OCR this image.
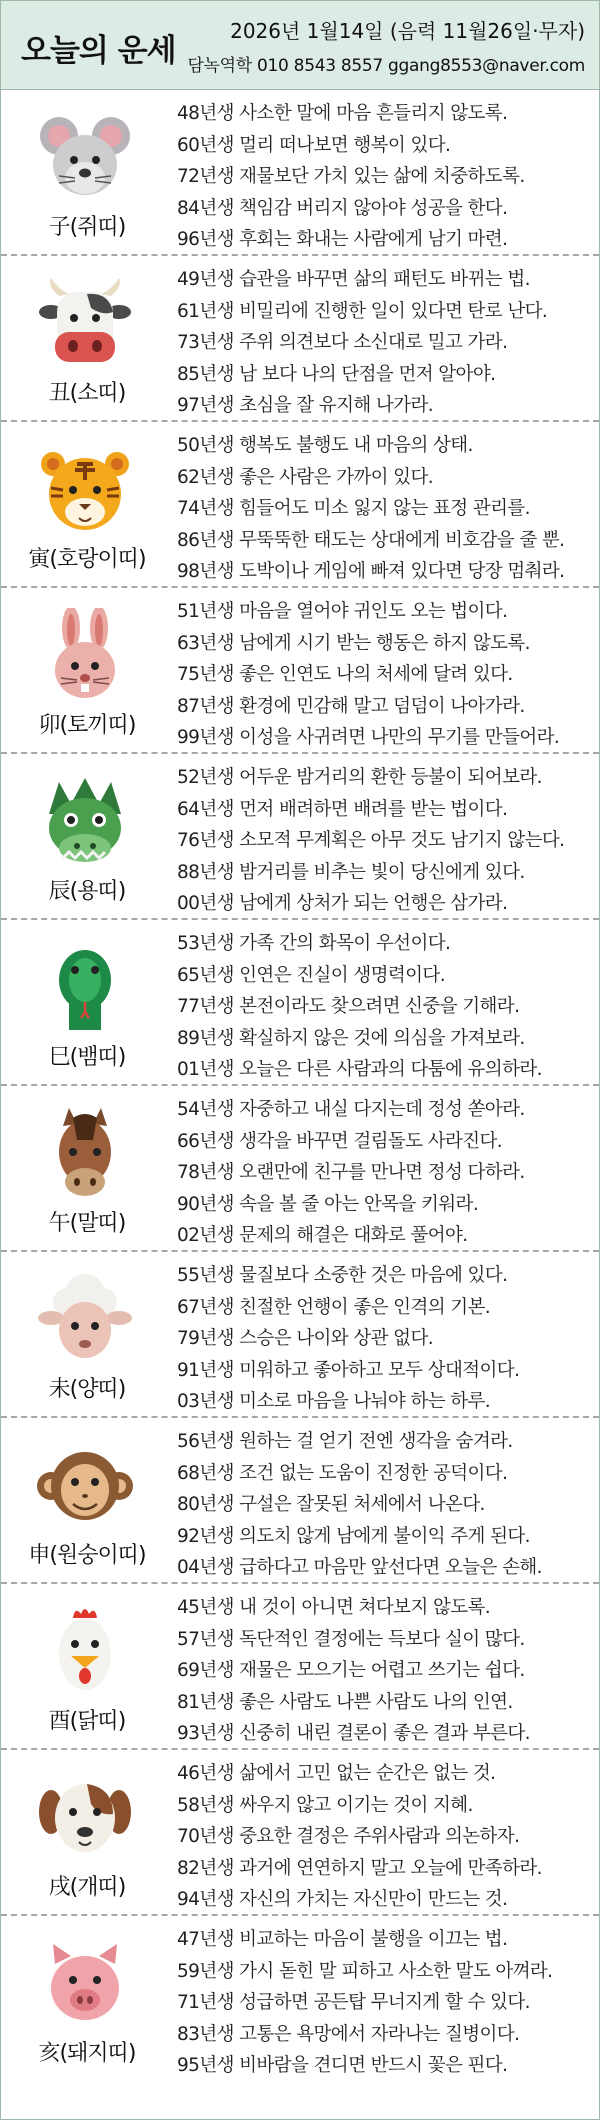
오늘의 운세
2026년 1월14일 (음력 11월26일·무자)
담녹역학 010 8543 8557 ggang8553@naver.com
子(쥐띠)
48년생 사소한 말에 마음 흔들리지 않도록.
60년생 멀리 떠나보면 행복이 있다.
72년생 재물보단 가치 있는 삶에 치중하도록.
84년생 책임감 버리지 않아야 성공을 한다.
96년생 후회는 화내는 사람에게 남기 마련.
丑(소띠)
49년생 습관을 바꾸면 삶의 패턴도 바뀌는 법.
61년생 비밀리에 진행한 일이 있다면 탄로 난다.
73년생 주위 의견보다 소신대로 밀고 가라.
85년생 남 보다 나의 단점을 먼저 알아야.
97년생 초심을 잘 유지해 나가라.
寅(호랑이띠)
50년생 행복도 불행도 내 마음의 상태.
62년생 좋은 사람은 가까이 있다.
74년생 힘들어도 미소 잃지 않는 표정 관리를.
86년생 무뚝뚝한 태도는 상대에게 비호감을 줄 뿐.
98년생 도박이나 게임에 빠져 있다면 당장 멈춰라.
卯(토끼띠)
51년생 마음을 열어야 귀인도 오는 법이다.
63년생 남에게 시기 받는 행동은 하지 않도록.
75년생 좋은 인연도 나의 처세에 달려 있다.
87년생 환경에 민감해 말고 덤덤이 나아가라.
99년생 이성을 사귀려면 나만의 무기를 만들어라.
辰(용띠)
52년생 어두운 밤거리의 환한 등불이 되어보라.
64년생 먼저 배려하면 배려를 받는 법이다.
76년생 소모적 무계획은 아무 것도 남기지 않는다.
88년생 밤거리를 비추는 빛이 당신에게 있다.
00년생 남에게 상처가 되는 언행은 삼가라.
巳(뱀띠)
53년생 가족 간의 화목이 우선이다.
65년생 인연은 진실이 생명력이다.
77년생 본전이라도 찾으려면 신중을 기해라.
89년생 확실하지 않은 것에 의심을 가져보라.
01년생 오늘은 다른 사람과의 다툼에 유의하라.
午(말띠)
54년생 자중하고 내실 다지는데 정성 쏟아라.
66년생 생각을 바꾸면 걸림돌도 사라진다.
78년생 오랜만에 친구를 만나면 정성 다하라.
90년생 속을 볼 줄 아는 안목을 키워라.
02년생 문제의 해결은 대화로 풀어야.
未(양띠)
55년생 물질보다 소중한 것은 마음에 있다.
67년생 친절한 언행이 좋은 인격의 기본.
79년생 스승은 나이와 상관 없다.
91년생 미워하고 좋아하고 모두 상대적이다.
03년생 미소로 마음을 나눠야 하는 하루.
申(원숭이띠)
56년생 원하는 걸 얻기 전엔 생각을 숨겨라.
68년생 조건 없는 도움이 진정한 공덕이다.
80년생 구설은 잘못된 처세에서 나온다.
92년생 의도치 않게 남에게 불이익 주게 된다.
04년생 급하다고 마음만 앞선다면 오늘은 손해.
酉(닭띠)
45년생 내 것이 아니면 쳐다보지 않도록.
57년생 독단적인 결정에는 득보다 실이 많다.
69년생 재물은 모으기는 어렵고 쓰기는 쉽다.
81년생 좋은 사람도 나쁜 사람도 나의 인연.
93년생 신중히 내린 결론이 좋은 결과 부른다.
戌(개띠)
46년생 삶에서 고민 없는 순간은 없는 것.
58년생 싸우지 않고 이기는 것이 지혜.
70년생 중요한 결정은 주위사람과 의논하자.
82년생 과거에 연연하지 말고 오늘에 만족하라.
94년생 자신의 가치는 자신만이 만드는 것.
亥(돼지띠)
47년생 비교하는 마음이 불행을 이끄는 법.
59년생 가시 돋힌 말 피하고 사소한 말도 아껴라.
71년생 성급하면 공든탑 무너지게 할 수 있다.
83년생 고통은 욕망에서 자라나는 질병이다.
95년생 비바람을 견디면 반드시 꽃은 핀다.
